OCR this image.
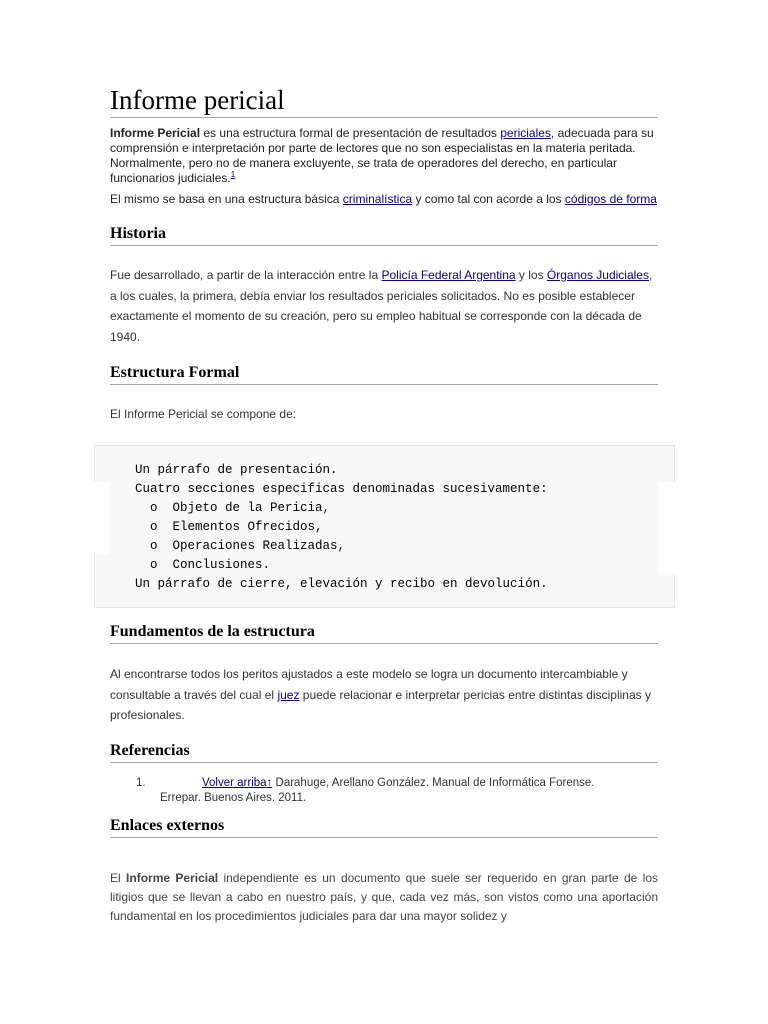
Informe pericial

Informe Pericial es una estructura formal de presentación de resultados periciales, adecuada para su comprensión e interpretación por parte de lectores que no son especialistas en la materia peritada. Normalmente, pero no de manera excluyente, se trata de operadores del derecho, en particular funcionarios judiciales.$^1$

El mismo se basa en una estructura básica criminalística y como tal con acorde a los códigos de forma

Historia

Fue desarrollado, a partir de la interacción entre la Policía Federal Argentina y los Órganos Judiciales, a los cuales, la primera, debía enviar los resultados periciales solicitados. No es posible establecer exactamente el momento de su creación, pero su empleo habitual se corresponde con la década de 1940.

Estructura Formal

El Informe Pericial se compone de:

Un párrafo de presentación.
Cuatro secciones especificas denominadas sucesivamente:
o  Objeto de la Pericia,
o  Elementos Ofrecidos,
o  Operaciones Realizadas,
o  Conclusiones.
Un párrafo de cierre, elevación y recibo en devolución.
Fundamentos de la estructura

Al encontrarse todos los peritos ajustados a este modelo se logra un documento intercambiable y consultable a través del cual el juez puede relacionar e interpretar pericias entre distintas disciplinas y profesionales.

Referencias
1.	Volver arriba↑ Darahuge, Arellano González. Manual de Informática Forense.
Errepar. Buenos Aires. 2011.
Enlaces externos

El Informe Pericial independiente es un documento que suele ser requerido en gran parte de los litigios que se llevan a cabo en nuestro país, y que, cada vez más, son vistos como una aportación fundamental en los procedimientos judiciales para dar una mayor solidez y
